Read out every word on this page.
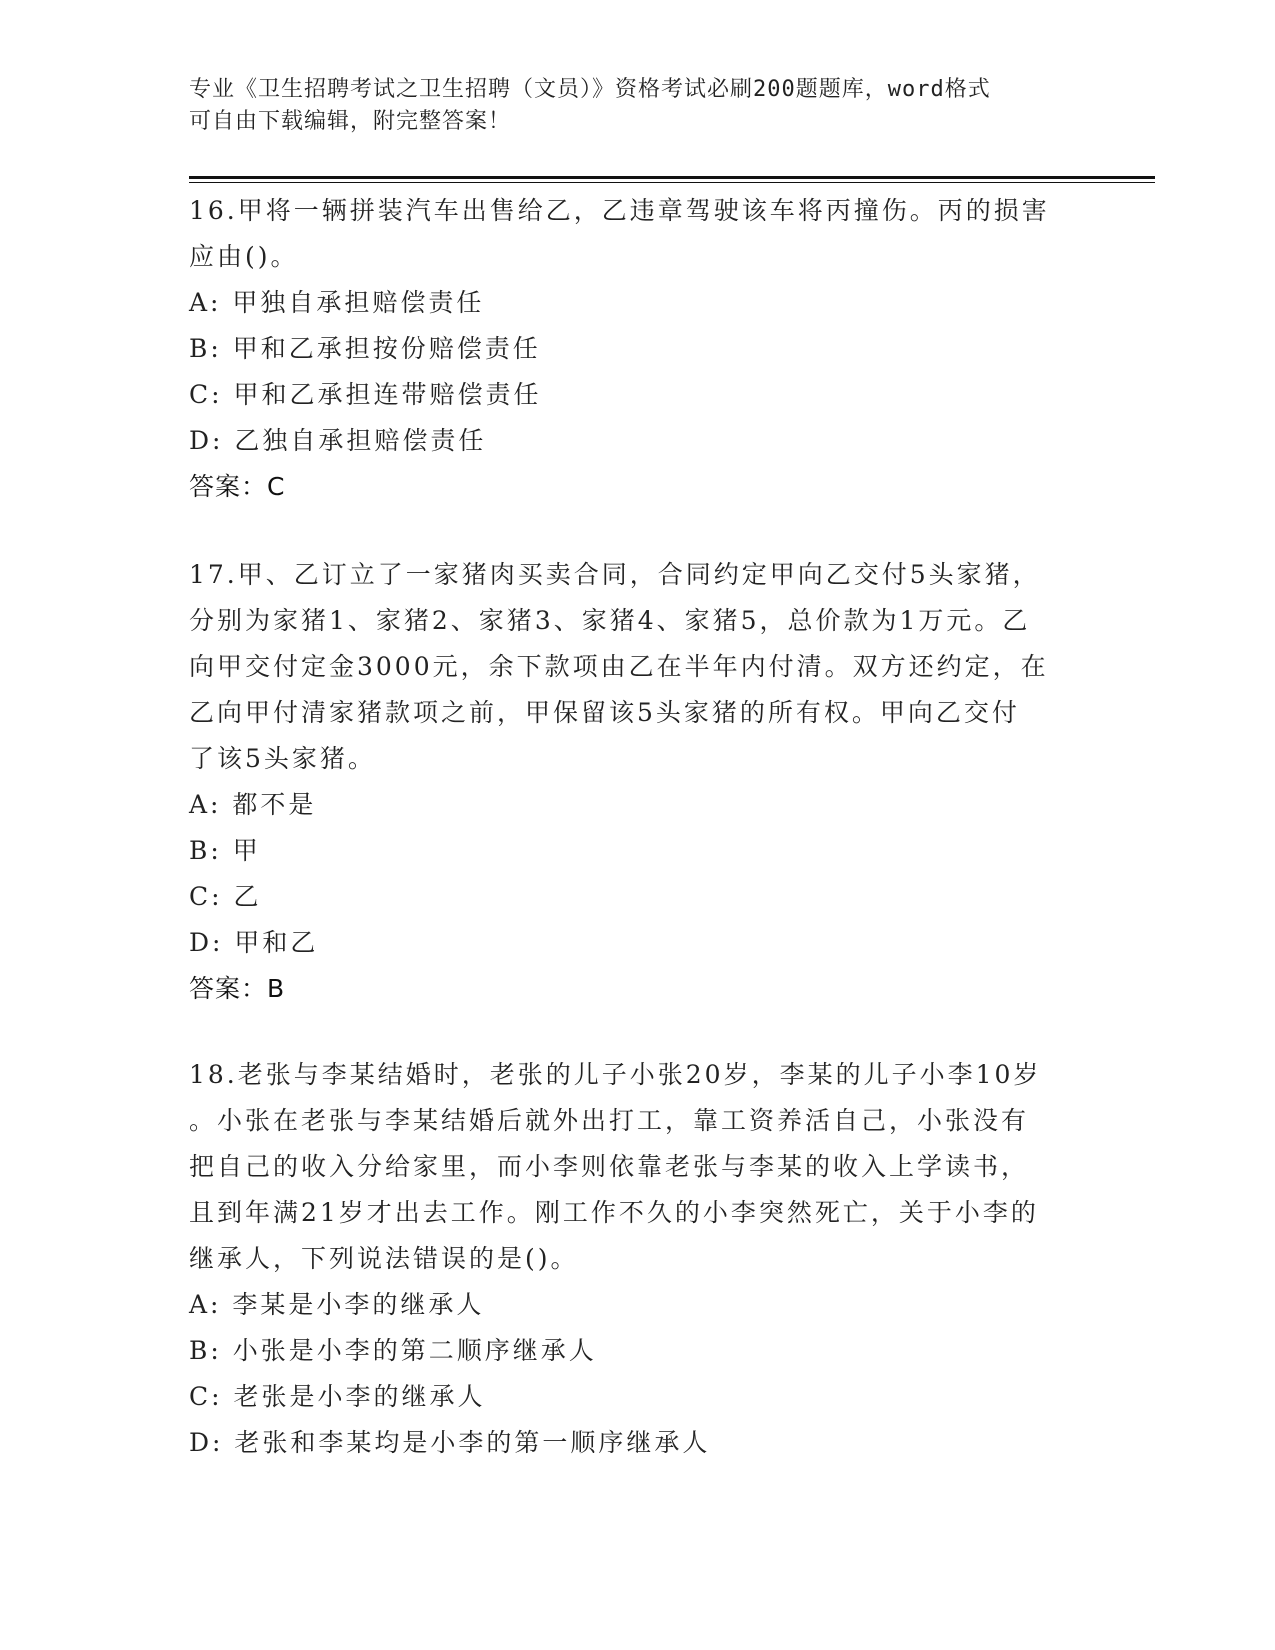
专业《卫生招聘考试之卫生招聘（文员）》资格考试必刷200题题库，word格式
可自由下载编辑，附完整答案！
16.甲将一辆拼装汽车出售给乙，乙违章驾驶该车将丙撞伤。丙的损害
应由()。
A: 甲独自承担赔偿责任
B: 甲和乙承担按份赔偿责任
C: 甲和乙承担连带赔偿责任
D: 乙独自承担赔偿责任
答案：C
17.甲、乙订立了一家猪肉买卖合同，合同约定甲向乙交付5头家猪，
分别为家猪1、家猪2、家猪3、家猪4、家猪5，总价款为1万元。乙
向甲交付定金3000元，余下款项由乙在半年内付清。双方还约定，在
乙向甲付清家猪款项之前，甲保留该5头家猪的所有权。甲向乙交付
了该5头家猪。
A: 都不是
B: 甲
C: 乙
D: 甲和乙
答案：B
18.老张与李某结婚时，老张的儿子小张20岁，李某的儿子小李10岁
。小张在老张与李某结婚后就外出打工，靠工资养活自己，小张没有
把自己的收入分给家里，而小李则依靠老张与李某的收入上学读书，
且到年满21岁才出去工作。刚工作不久的小李突然死亡，关于小李的
继承人，下列说法错误的是()。
A: 李某是小李的继承人
B: 小张是小李的第二顺序继承人
C: 老张是小李的继承人
D: 老张和李某均是小李的第一顺序继承人
